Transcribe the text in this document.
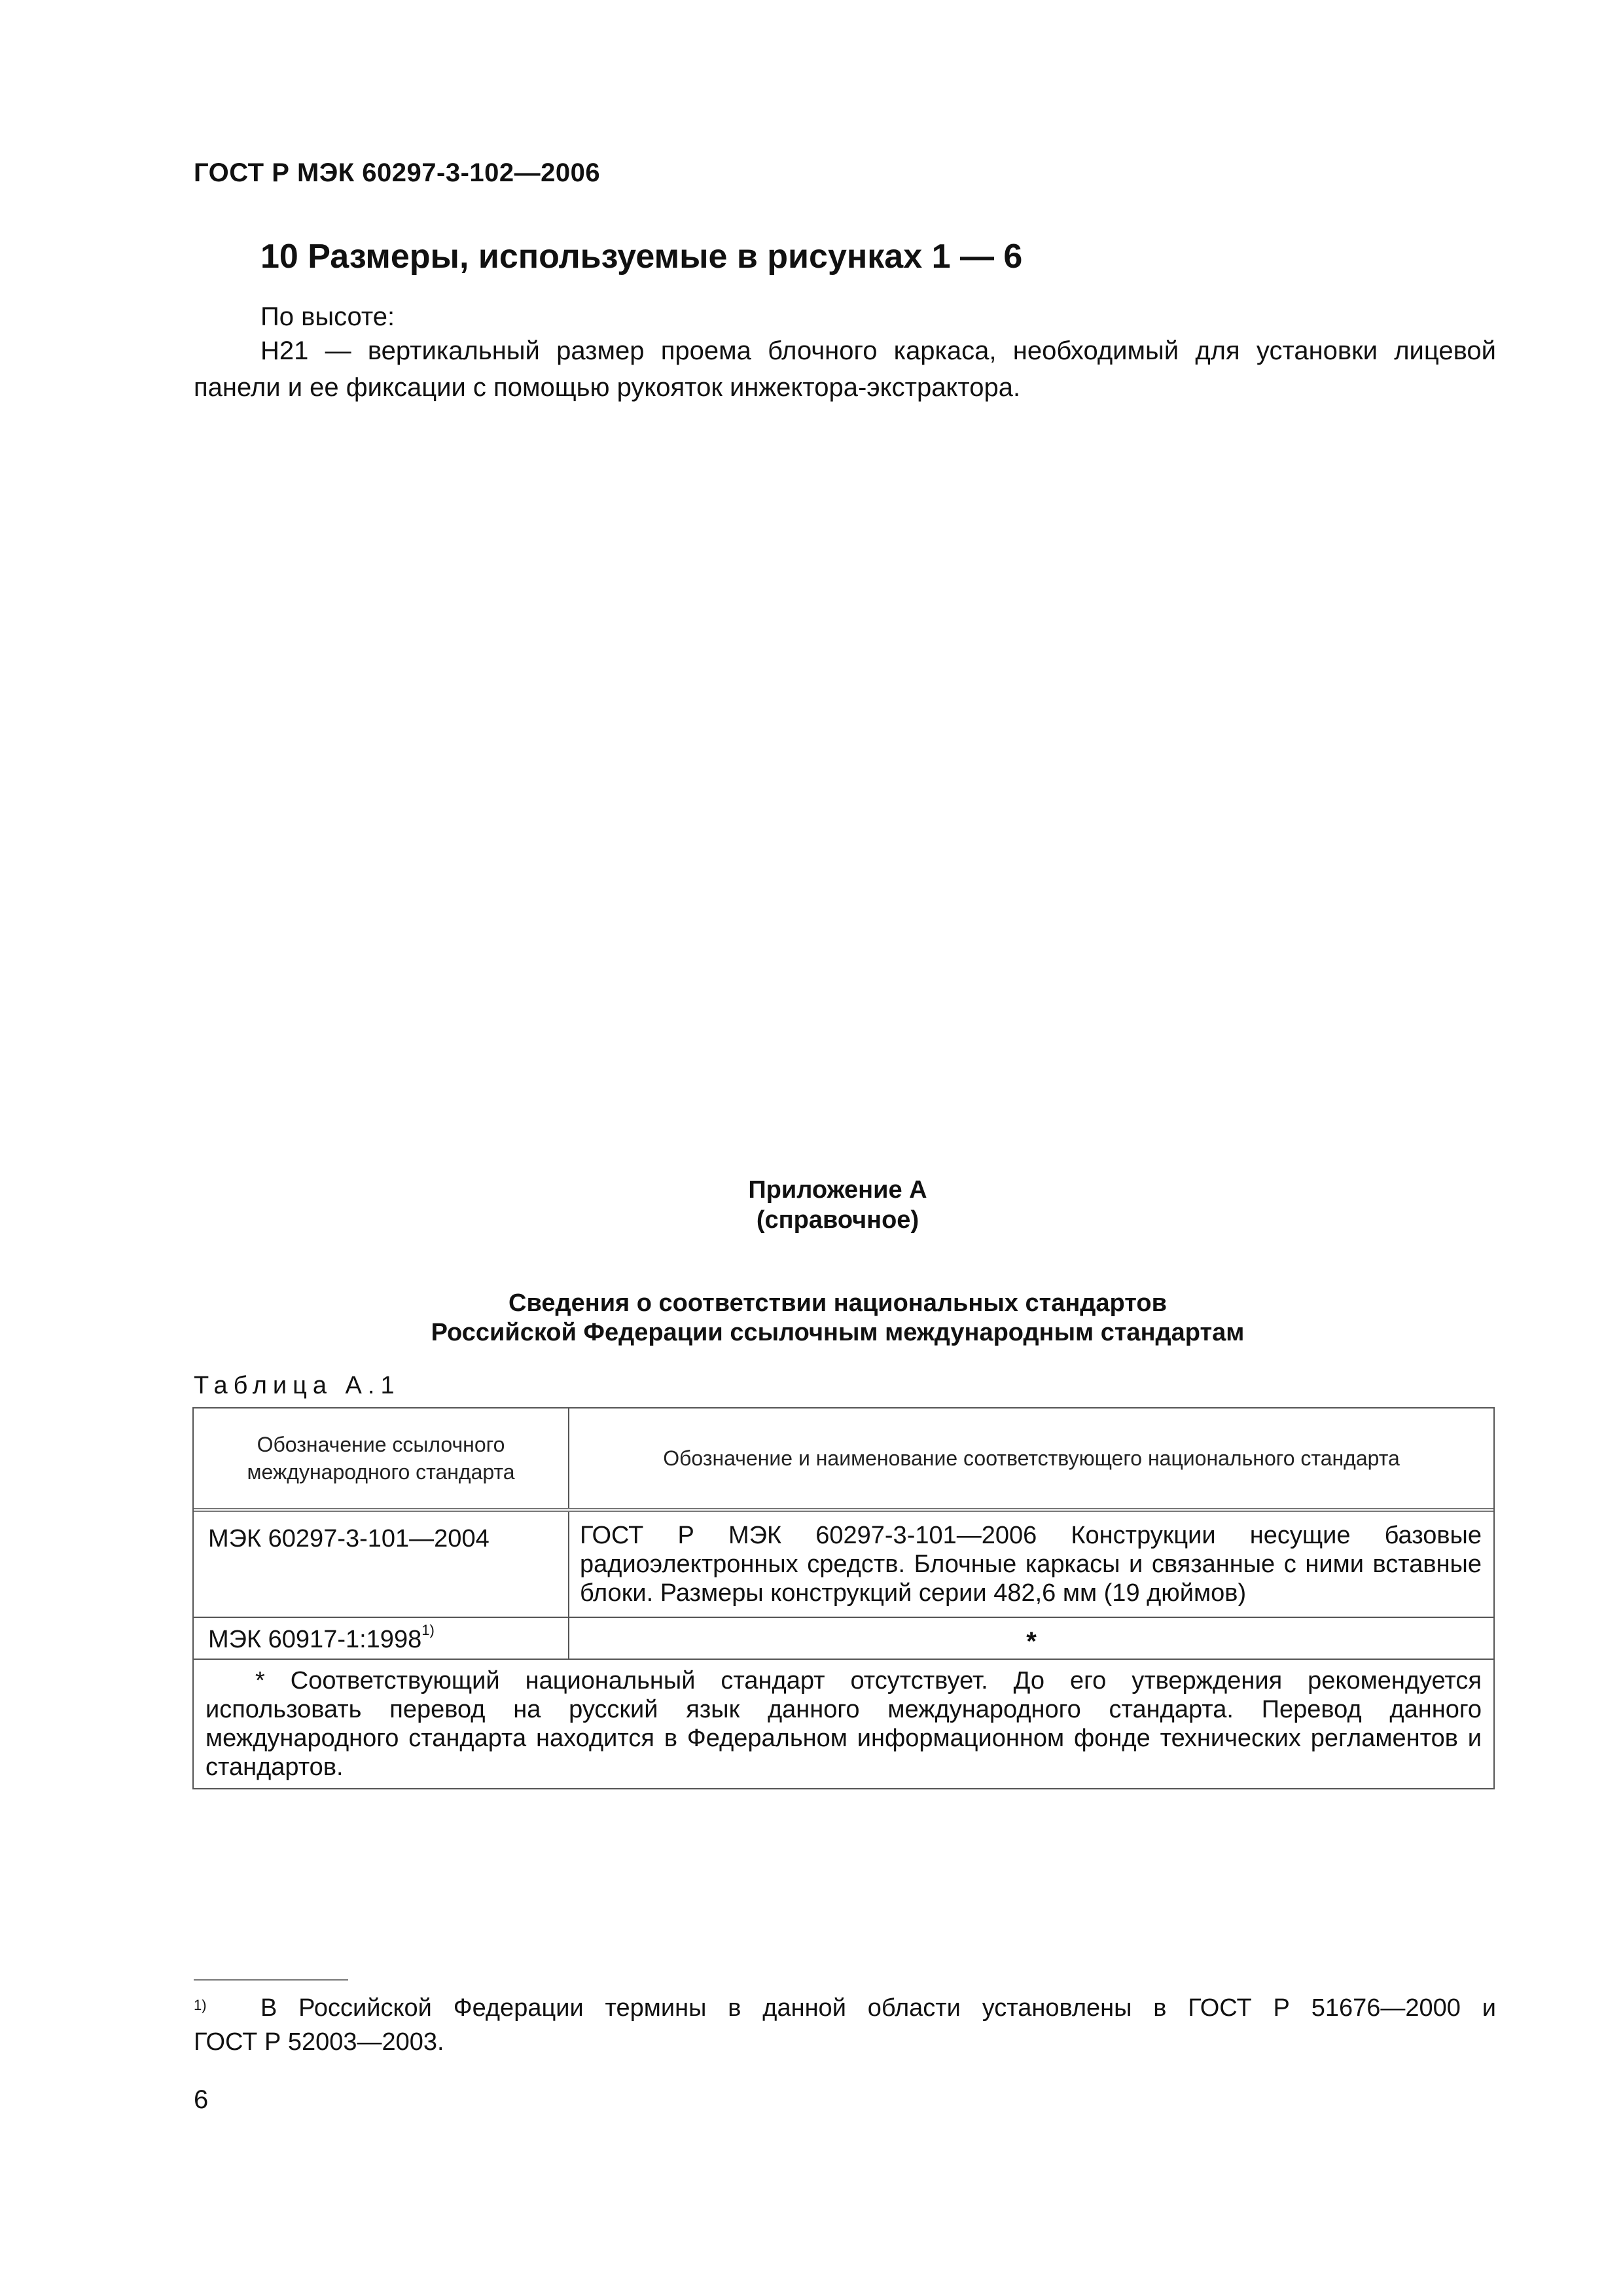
ГОСТ Р МЭК 60297-3-102—2006
10 Размеры, используемые в рисунках 1 — 6
По высоте:
H21 — вертикальный размер проема блочного каркаса, необходимый для установки лицевой панели и ее фиксации с помощью рукояток инжектора-экстрактора.
Приложение А
(справочное)
Сведения о соответствии национальных стандартов
Российской Федерации ссылочным международным стандартам
Таблица А.1
Обозначение ссылочного международного стандарта
Обозначение и наименование соответствующего национального стандарта
МЭК 60297-3-101—2004	ГОСТ Р МЭК 60297-3-101—2006 Конструкции несущие базовые радиоэлектронных средств. Блочные каркасы и связанные с ними вставные блоки. Размеры конструкций серии 482,6 мм (19 дюймов)
МЭК 60917-1:1998$^{1)}$	*
* Соответствующий национальный стандарт отсутствует. До его утверждения рекомендуется использовать перевод на русский язык данного международного стандарта. Перевод данного международного стандарта находится в Федеральном информационном фонде технических регламентов и стандартов.
$^{1)}$ В Российской Федерации термины в данной области установлены в ГОСТ Р 51676—2000 и
ГОСТ Р 52003—2003.
6
